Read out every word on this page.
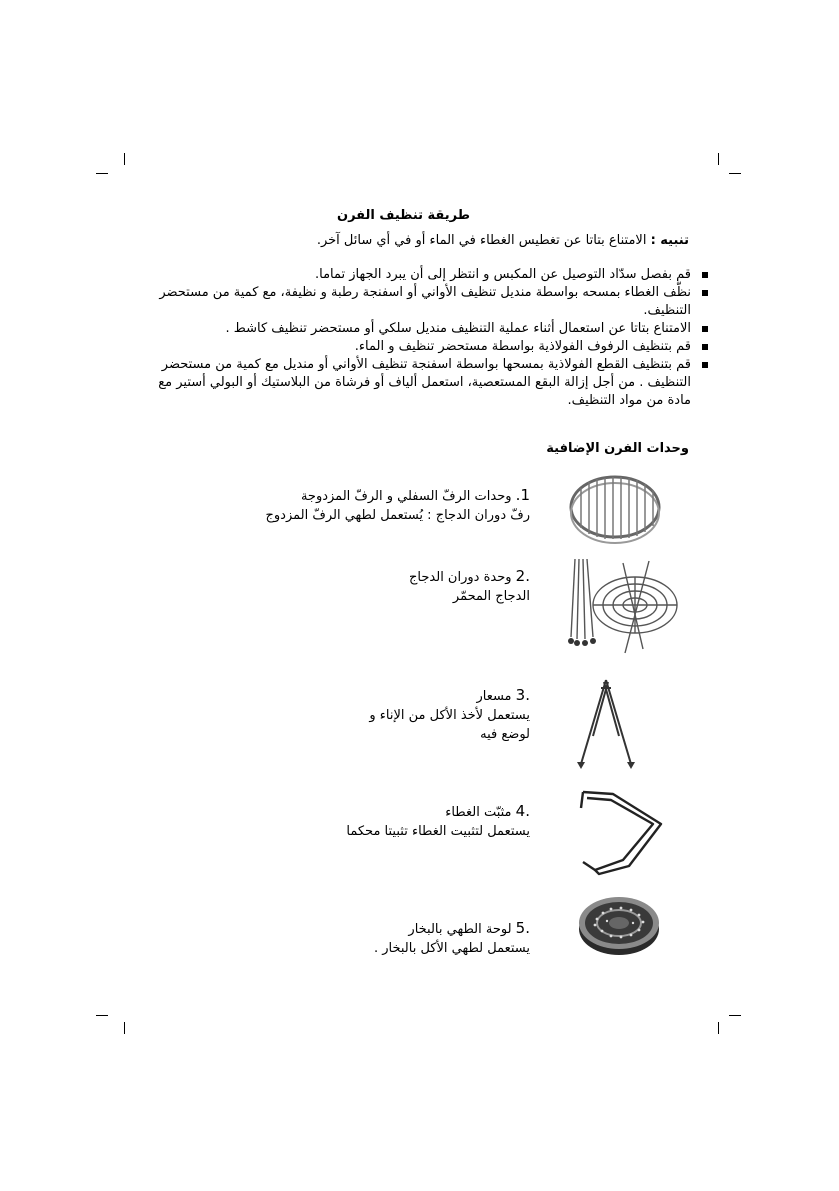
طريقة تنظيف الفرن
تنبيه : الامتناع بتاتا عن تغطيس الغطاء في الماء أو في أي سائل آخر.
قم بفصل سدّاد التوصيل عن المكبس و انتظر إلى أن يبرد الجهاز تماما.
نظّف الغطاء بمسحه بواسطة منديل تنظيف الأواني أو اسفنجة رطبة و نظيفة، مع كمية من مستحضر التنظيف.
الامتناع بتاتا عن استعمال أثناء عملية التنظيف منديل سلكي أو مستحضر تنظيف كاشط .
قم بتنظيف الرفوف الفولاذية بواسطة مستحضر تنظيف و الماء.
قم بتنظيف القطع الفولاذية بمسحها بواسطة اسفنجة تنظيف الأواني أو منديل مع كمية من مستحضر التنظيف . من أجل إزالة البقع المستعصية، استعمل ألياف أو فرشاة من البلاستيك أو البولي أستير مع مادة من مواد التنظيف.
وحدات الفرن الإضافية
1. وحدات الرفّ السفلي و الرفّ المزدوجة
رفّ دوران الدجاج : يُستعمل لطهي الرفّ المزدوج
.2 وحدة دوران الدجاج
الدجاج المحمّر
.3 مسعار
يستعمل لأخذ الأكل من الإناء و لوضع فيه
.4 مثبّت الغطاء
يستعمل لتثبيت الغطاء تثبيتا محكما
.5 لوحة الطهي بالبخار
يستعمل لطهي الأكل بالبخار .
